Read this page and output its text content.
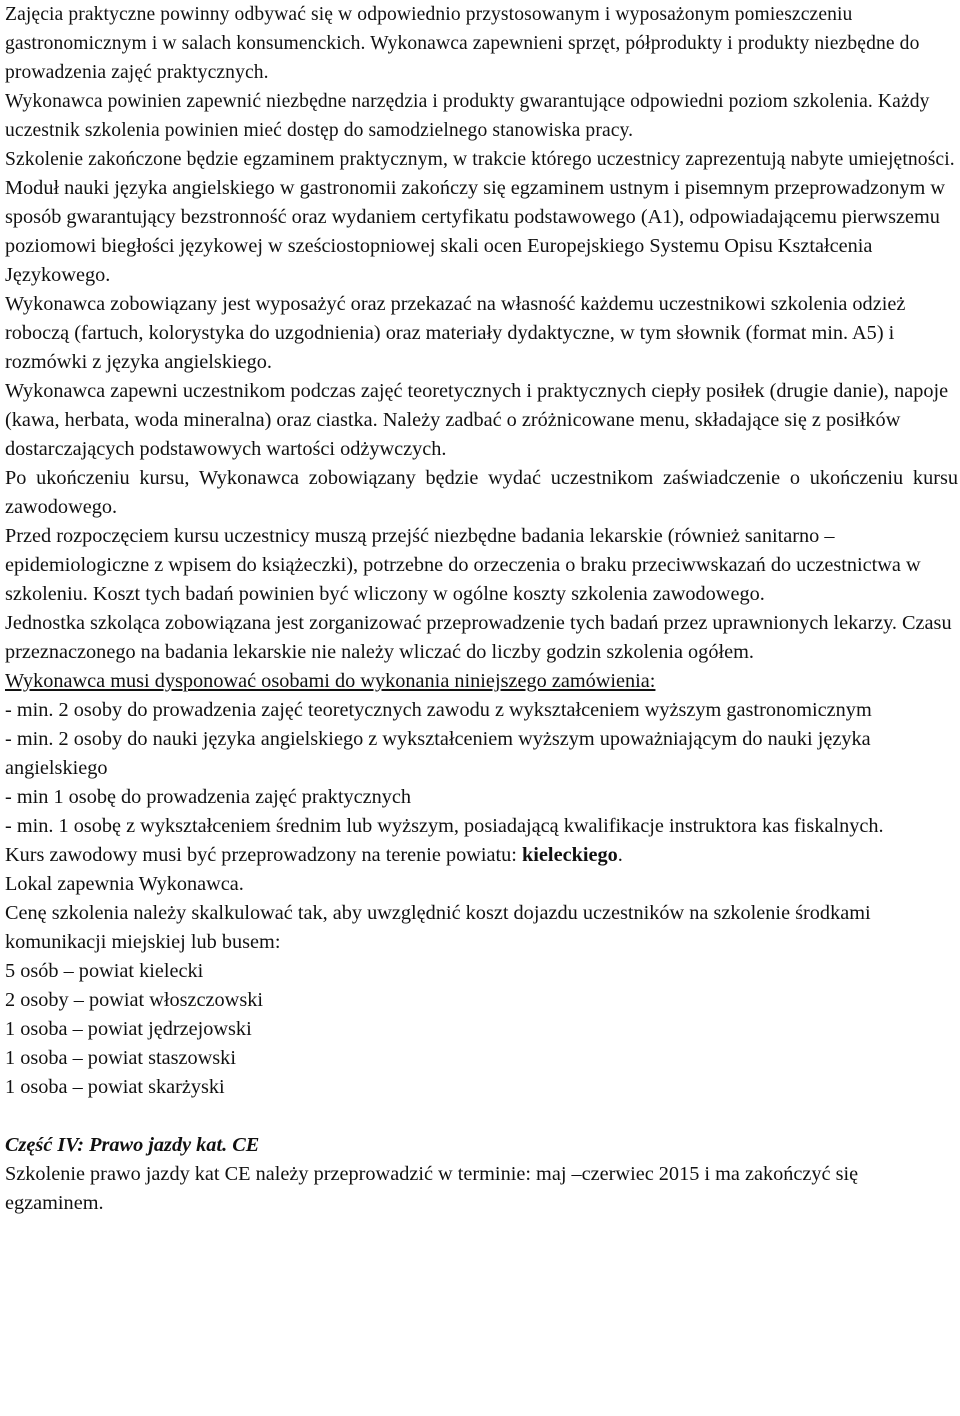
Zajęcia praktyczne powinny odbywać się w odpowiednio przystosowanym i wyposażonym pomieszczeniu gastronomicznym i w salach konsumenckich. Wykonawca zapewnieni sprzęt, półprodukty i produkty niezbędne do prowadzenia zajęć praktycznych.

Wykonawca powinien zapewnić niezbędne narzędzia i produkty gwarantujące odpowiedni poziom szkolenia. Każdy uczestnik szkolenia powinien mieć dostęp do samodzielnego stanowiska pracy.

Szkolenie zakończone będzie egzaminem praktycznym, w trakcie którego uczestnicy zaprezentują nabyte umiejętności.

Moduł nauki języka angielskiego w gastronomii zakończy się egzaminem ustnym i pisemnym przeprowadzonym w sposób gwarantujący bezstronność oraz wydaniem certyfikatu podstawowego (A1), odpowiadającemu pierwszemu poziomowi biegłości językowej w sześciostopniowej skali ocen Europejskiego Systemu Opisu Kształcenia Językowego.

Wykonawca zobowiązany jest wyposażyć oraz przekazać na własność każdemu uczestnikowi szkolenia odzież roboczą (fartuch, kolorystyka do uzgodnienia) oraz materiały dydaktyczne, w tym słownik (format min. A5) i rozmówki z języka angielskiego.

Wykonawca zapewni uczestnikom podczas zajęć teoretycznych i praktycznych ciepły posiłek (drugie danie), napoje (kawa, herbata, woda mineralna) oraz ciastka. Należy zadbać o zróżnicowane menu, składające się z posiłków dostarczających podstawowych wartości odżywczych.

Po ukończeniu kursu, Wykonawca zobowiązany będzie wydać uczestnikom zaświadczenie o ukończeniu kursu zawodowego.

Przed rozpoczęciem kursu uczestnicy muszą przejść niezbędne badania lekarskie (również sanitarno – epidemiologiczne z wpisem do książeczki), potrzebne do orzeczenia o braku przeciwwskazań do uczestnictwa w szkoleniu. Koszt tych badań powinien być wliczony w ogólne koszty szkolenia zawodowego.

Jednostka szkoląca zobowiązana jest zorganizować przeprowadzenie tych badań przez uprawnionych lekarzy. Czasu przeznaczonego na badania lekarskie nie należy wliczać do liczby godzin szkolenia ogółem.

Wykonawca musi dysponować osobami do wykonania niniejszego zamówienia:

- min. 2 osoby do prowadzenia zajęć teoretycznych zawodu z wykształceniem wyższym gastronomicznym

- min. 2 osoby do nauki języka angielskiego z wykształceniem wyższym upoważniającym do nauki języka angielskiego

- min 1 osobę do prowadzenia zajęć praktycznych

- min. 1 osobę z wykształceniem średnim lub wyższym, posiadającą kwalifikacje instruktora kas fiskalnych.

Kurs zawodowy musi być przeprowadzony na terenie powiatu: kieleckiego.

Lokal zapewnia Wykonawca.

Cenę szkolenia należy skalkulować tak, aby uwzględnić koszt dojazdu uczestników na szkolenie środkami komunikacji miejskiej lub busem:

5 osób – powiat kielecki

2 osoby – powiat włoszczowski

1 osoba – powiat jędrzejowski

1 osoba – powiat staszowski

1 osoba – powiat skarżyski

Część IV: Prawo jazdy kat. CE

Szkolenie prawo jazdy kat CE należy przeprowadzić w terminie: maj –czerwiec 2015 i ma zakończyć się egzaminem.
